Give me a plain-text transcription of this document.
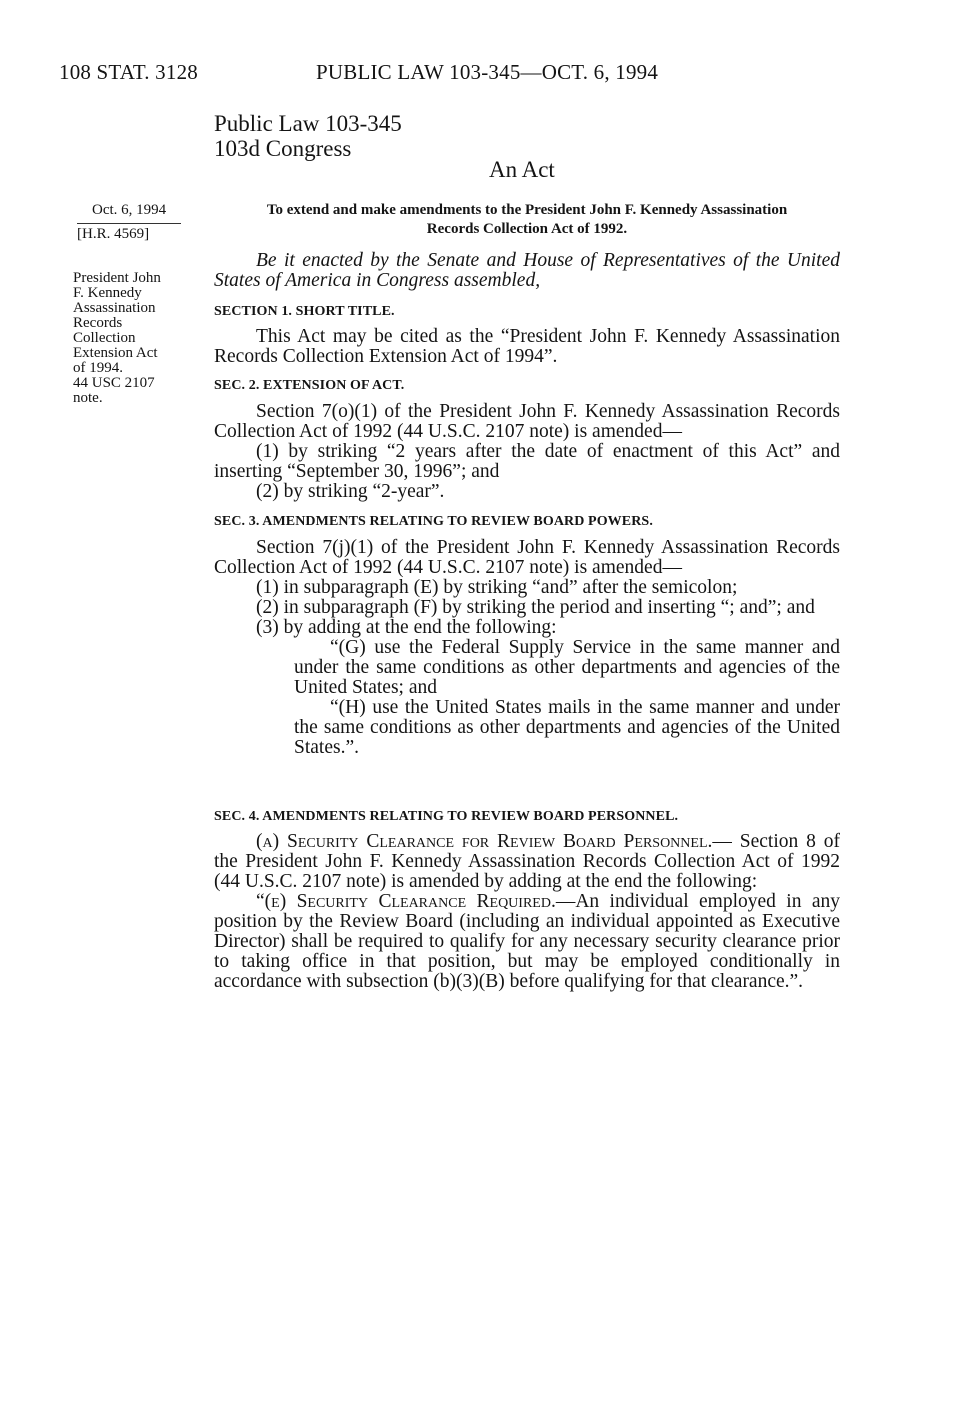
108 STAT. 3128	PUBLIC LAW 103-345—OCT. 6, 1994
Public Law 103-345
103d Congress
An Act
Oct. 6, 1994
[H.R. 4569]
President John
F. Kennedy
Assassination
Records
Collection
Extension Act
of 1994.
44 USC 2107
note.
To extend and make amendments to the President John F. Kennedy Assassination
Records Collection Act of 1992.

Be it enacted by the Senate and House of Representatives of the United States of America in Congress assembled,

SECTION 1. SHORT TITLE.

This Act may be cited as the “President John F. Kennedy Assassination Records Collection Extension Act of 1994”.

SEC. 2. EXTENSION OF ACT.

Section 7(o)(1) of the President John F. Kennedy Assassination Records Collection Act of 1992 (44 U.S.C. 2107 note) is amended—

(1) by striking “2 years after the date of enactment of this Act” and inserting “September 30, 1996”; and

(2) by striking “2-year”.

SEC. 3. AMENDMENTS RELATING TO REVIEW BOARD POWERS.

Section 7(j)(1) of the President John F. Kennedy Assassination Records Collection Act of 1992 (44 U.S.C. 2107 note) is amended—

(1) in subparagraph (E) by striking “and” after the semicolon;

(2) in subparagraph (F) by striking the period and inserting “; and”; and

(3) by adding at the end the following:

“(G) use the Federal Supply Service in the same manner and under the same conditions as other departments and agencies of the United States; and

“(H) use the United States mails in the same manner and under the same conditions as other departments and agencies of the United States.”.

SEC. 4. AMENDMENTS RELATING TO REVIEW BOARD PERSONNEL.

(a) Security Clearance for Review Board Personnel.— Section 8 of the President John F. Kennedy Assassination Records Collection Act of 1992 (44 U.S.C. 2107 note) is amended by adding at the end the following:

“(e) Security Clearance Required.—An individual employed in any position by the Review Board (including an individual appointed as Executive Director) shall be required to qualify for any necessary security clearance prior to taking office in that position, but may be employed conditionally in accordance with subsection (b)(3)(B) before qualifying for that clearance.”.
